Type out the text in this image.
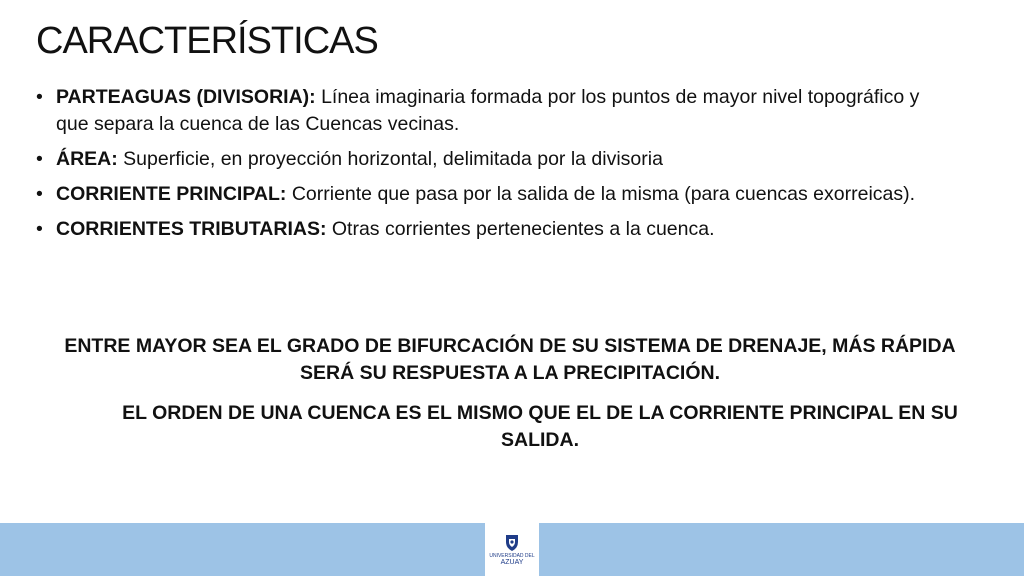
CARACTERÍSTICAS
• PARTEAGUAS (DIVISORIA): Línea imaginaria formada por los puntos de mayor nivel topográfico y que separa la cuenca de las Cuencas vecinas.
• ÁREA: Superficie, en proyección horizontal, delimitada por la divisoria
• CORRIENTE PRINCIPAL: Corriente que pasa por la salida de la misma (para cuencas exorreicas).
• CORRIENTES TRIBUTARIAS: Otras corrientes pertenecientes a la cuenca.
ENTRE MAYOR SEA EL GRADO DE BIFURCACIÓN DE SU SISTEMA DE DRENAJE, MÁS RÁPIDA SERÁ SU RESPUESTA A LA PRECIPITACIÓN.
EL ORDEN DE UNA CUENCA ES EL MISMO QUE EL DE LA CORRIENTE PRINCIPAL EN SU SALIDA.
UNIVERSIDAD DEL
AZUAY
